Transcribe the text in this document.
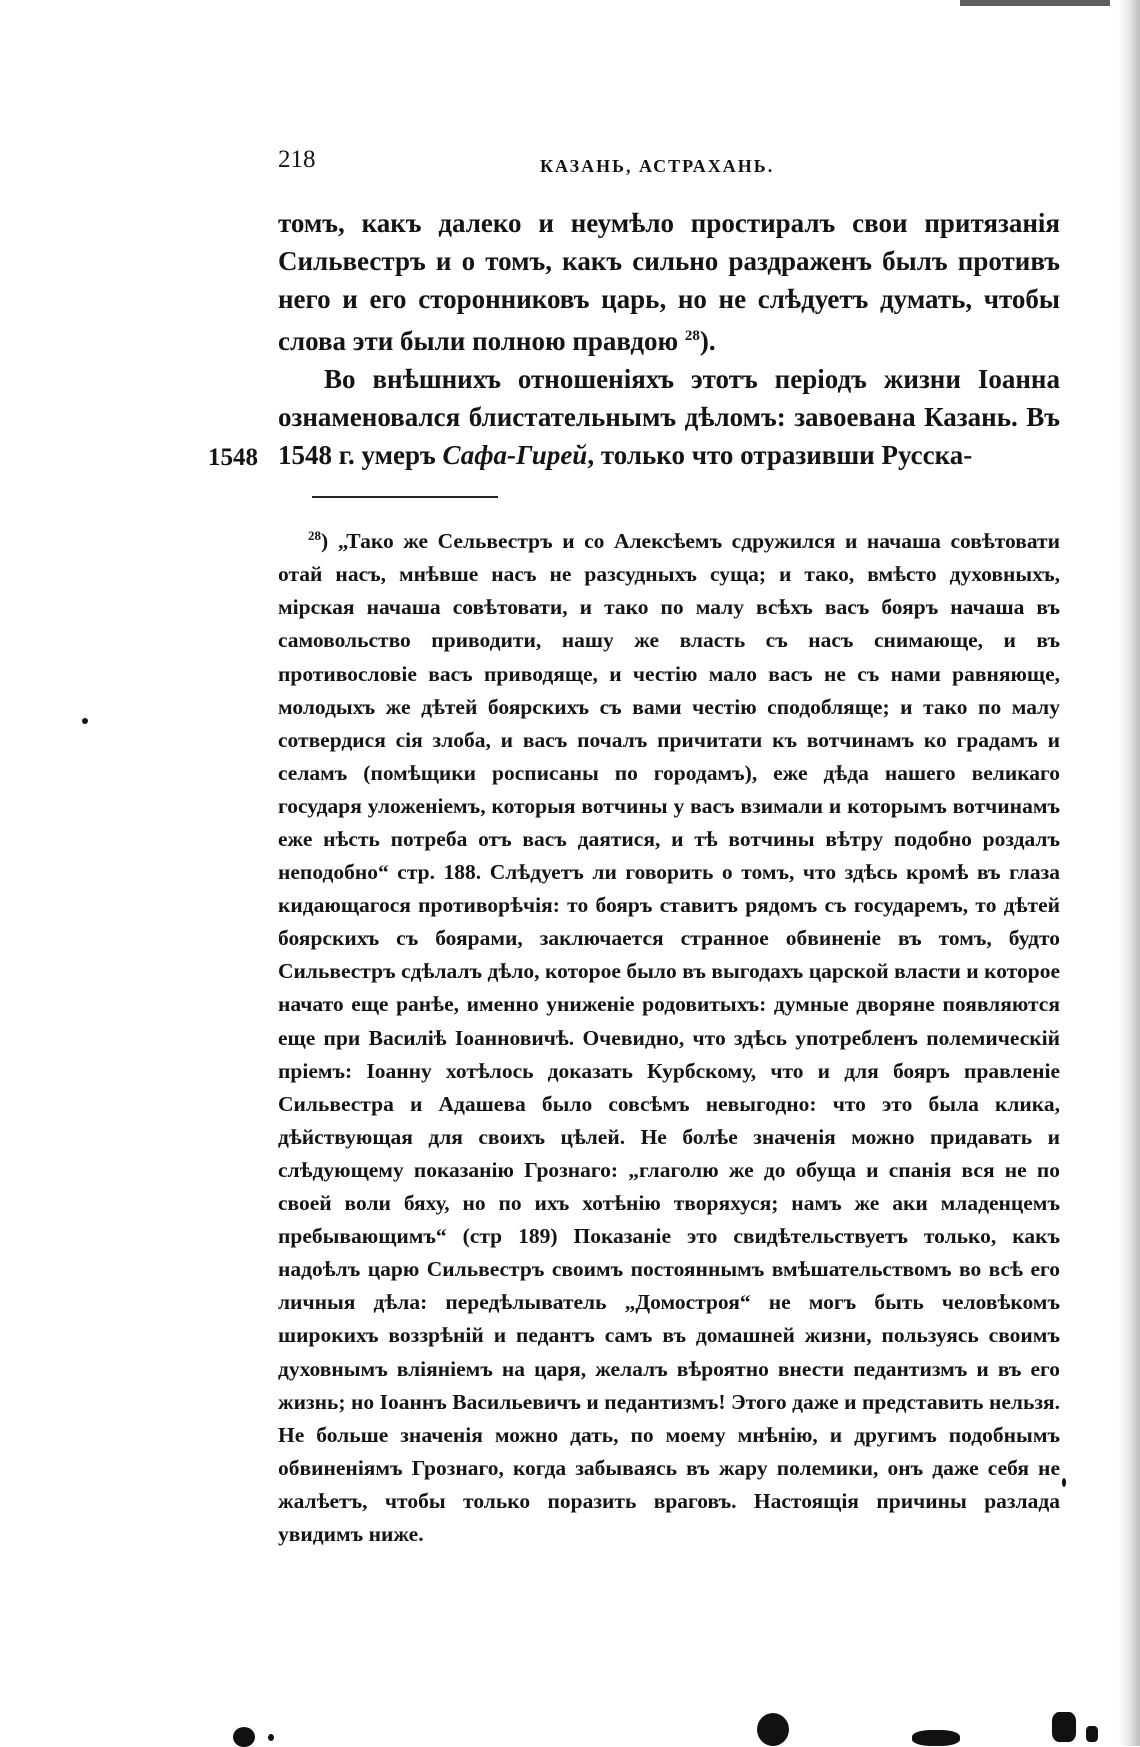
218	КАЗАНЬ, АСТРАХАНЬ.

томъ, какъ далеко и неумѣло простиралъ свои притязанія Сильвестръ и о томъ, какъ сильно раздраженъ былъ противъ него и его сторонниковъ царь, но не слѣдуетъ думать, чтобы слова эти были полною правдою $^{28}$).

Во внѣшнихъ отношеніяхъ этотъ періодъ жизни Іоанна ознаменовался блистательнымъ дѣломъ: завоевана Казань. Въ 1548 г. умеръ Сафа-Гирей, только что отразивши Русска-

1548

$^{28}$) „Тако же Сельвестръ и со Алексѣемъ сдружился и начаша совѣтовати отай насъ, мнѣвше насъ не разсудныхъ суща; и тако, вмѣсто духовныхъ, мірская начаша совѣтовати, и тако по малу всѣхъ васъ бояръ начаша въ самовольство приводити, нашу же власть съ насъ снимающе, и въ противословіе васъ приводяще, и честію мало васъ не съ нами равняюще, молодыхъ же дѣтей боярскихъ съ вами честію сподобляще; и тако по малу сотвердися сія злоба, и васъ почалъ причитати къ вотчинамъ ко градамъ и селамъ (помѣщики росписаны по городамъ), еже дѣда нашего великаго государя уложеніемъ, которыя вотчины у васъ взимали и которымъ вотчинамъ еже нѣсть потреба отъ васъ даятися, и тѣ вотчины вѣтру подобно роздалъ неподобно“ стр. 188. Слѣдуетъ ли говорить о томъ, что здѣсь кромѣ въ глаза кидающагося противорѣчія: то бояръ ставитъ рядомъ съ государемъ, то дѣтей боярскихъ съ боярами, заключается странное обвиненіе въ томъ, будто Сильвестръ сдѣлалъ дѣло, которое было въ выгодахъ царской власти и которое начато еще ранѣе, именно униженіе родовитыхъ: думные дворяне появляются еще при Василіѣ Іоанновичѣ. Очевидно, что здѣсь употребленъ полемическій пріемъ: Іоанну хотѣлось доказать Курбскому, что и для бояръ правленіе Сильвестра и Адашева было совсѣмъ невыгодно: что это была клика, дѣйствующая для своихъ цѣлей. Не болѣе значенія можно придавать и слѣдующему показанію Грознаго: „глаголю же до обуща и спанія вся не по своей воли бяху, но по ихъ хотѣнію творяхуся; намъ же аки младенцемъ пребывающимъ“ (стр 189) Показаніе это свидѣтельствуетъ только, какъ надоѣлъ царю Сильвестръ своимъ постояннымъ вмѣшательствомъ во всѣ его личныя дѣла: передѣлыватель „Домостроя“ не могъ быть человѣкомъ широкихъ воззрѣній и педантъ самъ въ домашней жизни, пользуясь своимъ духовнымъ вліяніемъ на царя, желалъ вѣроятно внести педантизмъ и въ его жизнь; но Іоаннъ Васильевичъ и педантизмъ! Этого даже и представить нельзя. Не больше значенія можно дать, по моему мнѣнію, и другимъ подобнымъ обвиненіямъ Грознаго, когда забываясь въ жару полемики, онъ даже себя не жалѣетъ, чтобы только поразить враговъ. Настоящія причины разлада увидимъ ниже.
